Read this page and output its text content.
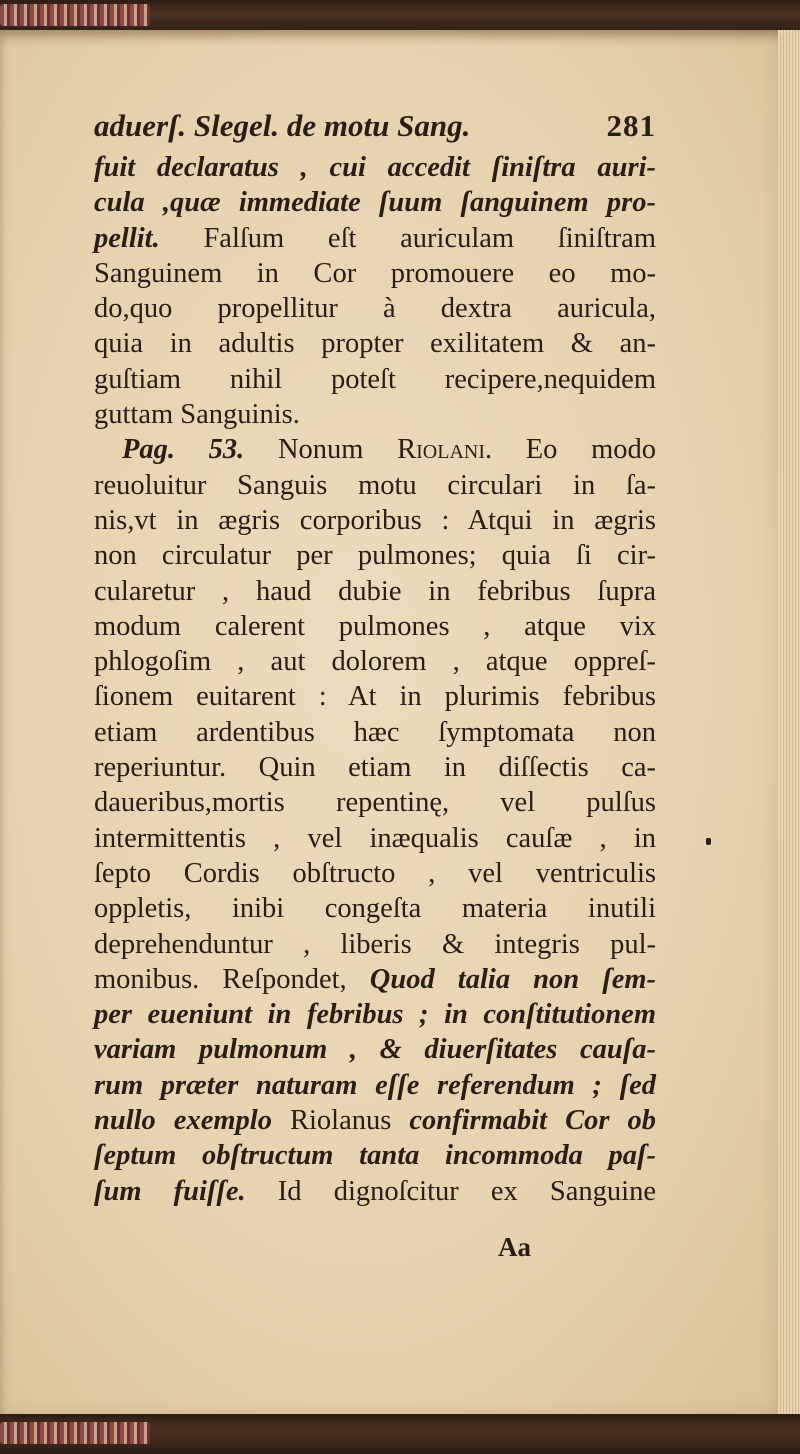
aduerſ. Slegel. de motu Sang.	281
fuit declaratus , cui accedit ſiniſtra auri-
cula ,quæ immediate ſuum ſanguinem pro-
pellit. Falſum eſt auriculam ſiniſtram
Sanguinem in Cor promouere eo mo-
do,quo propellitur à dextra auricula,
quia in adultis propter exilitatem & an-
guſtiam nihil poteſt recipere,nequidem
guttam Sanguinis.
Pag. 53. Nonum Riolani. Eo modo
reuoluitur Sanguis motu circulari in ſa-
nis,vt in ægris corporibus : Atqui in ægris
non circulatur per pulmones; quia ſi cir-
cularetur , haud dubie in febribus ſupra
modum calerent pulmones , atque vix
phlogoſim , aut dolorem , atque oppreſ-
ſionem euitarent : At in plurimis febribus
etiam ardentibus hæc ſymptomata non
reperiuntur. Quin etiam in diſſectis ca-
daueribus,mortis repentinę, vel pulſus
intermittentis , vel inæqualis cauſæ , in
ſepto Cordis obſtructo , vel ventriculis
oppletis, inibi congeſta materia inutili
deprehenduntur , liberis & integris pul-
monibus. Reſpondet, Quod talia non ſem-
per eueniunt in febribus ; in conſtitutionem
variam pulmonum , & diuerſitates cauſa-
rum præter naturam eſſe referendum ; ſed
nullo exemplo Riolanus confirmabit Cor ob
ſeptum obſtructum tanta incommoda paſ-
ſum fuiſſe. Id dignoſcitur ex Sanguine
Aa
